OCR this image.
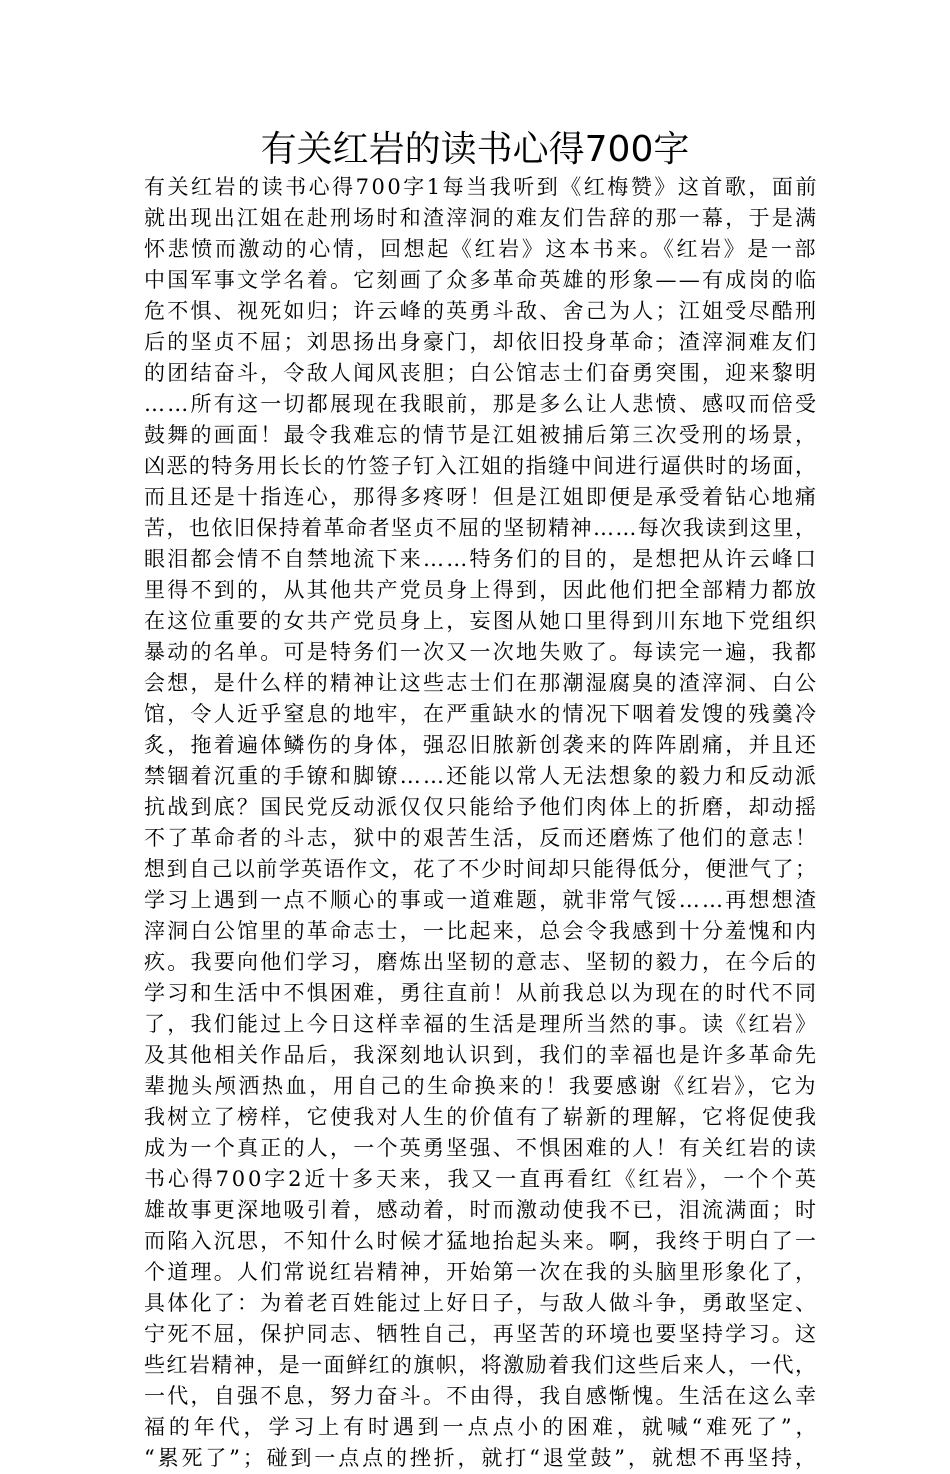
有关红岩的读书心得700字
有关红岩的读书心得700字1每当我听到《红梅赞》这首歌，面前
就出现出江姐在赴刑场时和渣滓洞的难友们告辞的那一幕，于是满
怀悲愤而激动的心情，回想起《红岩》这本书来。《红岩》是一部
中国军事文学名着。它刻画了众多革命英雄的形象——有成岗的临
危不惧、视死如归；许云峰的英勇斗敌、舍己为人；江姐受尽酷刑
后的坚贞不屈；刘思扬出身豪门，却依旧投身革命；渣滓洞难友们
的团结奋斗，令敌人闻风丧胆；白公馆志士们奋勇突围，迎来黎明
……所有这一切都展现在我眼前，那是多么让人悲愤、感叹而倍受
鼓舞的画面！最令我难忘的情节是江姐被捕后第三次受刑的场景，
凶恶的特务用长长的竹签子钉入江姐的指缝中间进行逼供时的场面，
而且还是十指连心，那得多疼呀！但是江姐即便是承受着钻心地痛
苦，也依旧保持着革命者坚贞不屈的坚韧精神……每次我读到这里，
眼泪都会情不自禁地流下来……特务们的目的，是想把从许云峰口
里得不到的，从其他共产党员身上得到，因此他们把全部精力都放
在这位重要的女共产党员身上，妄图从她口里得到川东地下党组织
暴动的名单。可是特务们一次又一次地失败了。每读完一遍，我都
会想，是什么样的精神让这些志士们在那潮湿腐臭的渣滓洞、白公
馆，令人近乎窒息的地牢，在严重缺水的情况下咽着发馊的残羹冷
炙，拖着遍体鳞伤的身体，强忍旧脓新创袭来的阵阵剧痛，并且还
禁锢着沉重的手镣和脚镣……还能以常人无法想象的毅力和反动派
抗战到底？国民党反动派仅仅只能给予他们肉体上的折磨，却动摇
不了革命者的斗志，狱中的艰苦生活，反而还磨炼了他们的意志！
想到自己以前学英语作文，花了不少时间却只能得低分，便泄气了；
学习上遇到一点不顺心的事或一道难题，就非常气馁……再想想渣
滓洞白公馆里的革命志士，一比起来，总会令我感到十分羞愧和内
疚。我要向他们学习，磨炼出坚韧的意志、坚韧的毅力，在今后的
学习和生活中不惧困难，勇往直前！从前我总以为现在的时代不同
了，我们能过上今日这样幸福的生活是理所当然的事。读《红岩》
及其他相关作品后，我深刻地认识到，我们的幸福也是许多革命先
辈抛头颅洒热血，用自己的生命换来的！我要感谢《红岩》，它为
我树立了榜样，它使我对人生的价值有了崭新的理解，它将促使我
成为一个真正的人，一个英勇坚强、不惧困难的人！有关红岩的读
书心得700字2近十多天来，我又一直再看红《红岩》，一个个英
雄故事更深地吸引着，感动着，时而激动使我不已，泪流满面；时
而陷入沉思，不知什么时候才猛地抬起头来。啊，我终于明白了一
个道理。人们常说红岩精神，开始第一次在我的头脑里形象化了，
具体化了：为着老百姓能过上好日子，与敌人做斗争，勇敢坚定、
宁死不屈，保护同志、牺牲自己，再坚苦的环境也要坚持学习。这
些红岩精神，是一面鲜红的旗帜，将激励着我们这些后来人，一代，
一代，自强不息，努力奋斗。不由得，我自感惭愧。生活在这么幸
福的年代，学习上有时遇到一点点小的困难，就喊“难死了”，
“累死了”；碰到一点点的挫折，就打“退堂鼓”，就想不再坚持，
